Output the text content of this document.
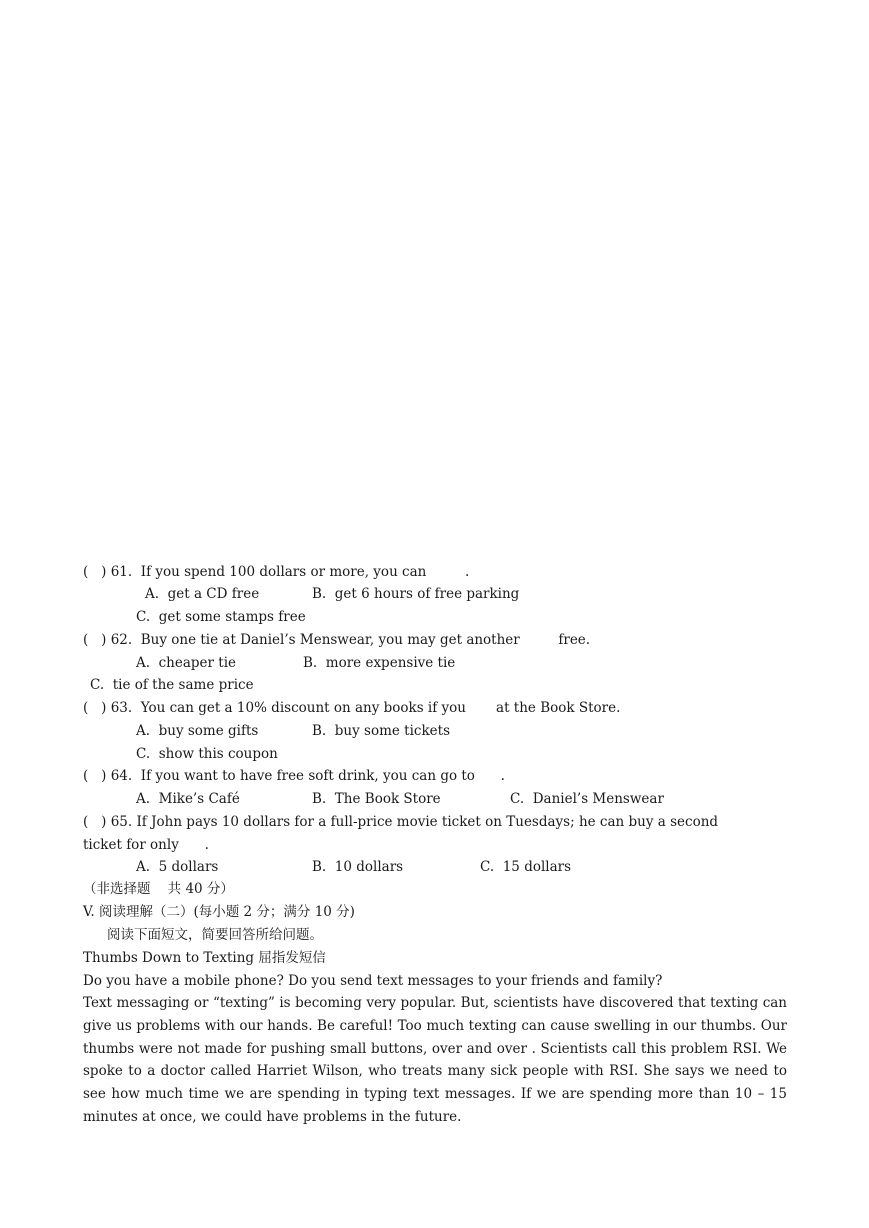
(   ) 61.  If you spend 100 dollars or more, you can         .
A.  get a CD free	B.  get 6 hours of free parking
C.  get some stamps free
(   ) 62.  Buy one tie at Daniel’s Menswear, you may get another         free.
A.  cheaper tie	B.  more expensive tie
C.  tie of the same price
(   ) 63.  You can get a 10% discount on any books if you       at the Book Store.
A.  buy some gifts	B.  buy some tickets
C.  show this coupon
(   ) 64.  If you want to have free soft drink, you can go to      .
A.  Mike’s Café	B.  The Book Store	C.  Daniel’s Menswear
(   ) 65. If John pays 10 dollars for a full-price movie ticket on Tuesdays; he can buy a second
ticket for only      .
A.  5 dollars	B.  10 dollars	C.  15 dollars
（非选择题    共 40 分）
V. 阅读理解（二）(每小题 2 分；满分 10 分)
阅读下面短文，简要回答所给问题。
Thumbs Down to Texting 屈指发短信
Do you have a mobile phone? Do you send text messages to your friends and family?
Text messaging or “texting” is becoming very popular. But, scientists have discovered that texting can give us problems with our hands. Be careful! Too much texting can cause swelling in our thumbs. Our thumbs were not made for pushing small buttons, over and over . Scientists call this problem RSI. We spoke to a doctor called Harriet Wilson, who treats many sick people with RSI. She says we need to see how much time we are spending in typing text messages. If we are spending more than 10 – 15 minutes at once, we could have problems in the future.
